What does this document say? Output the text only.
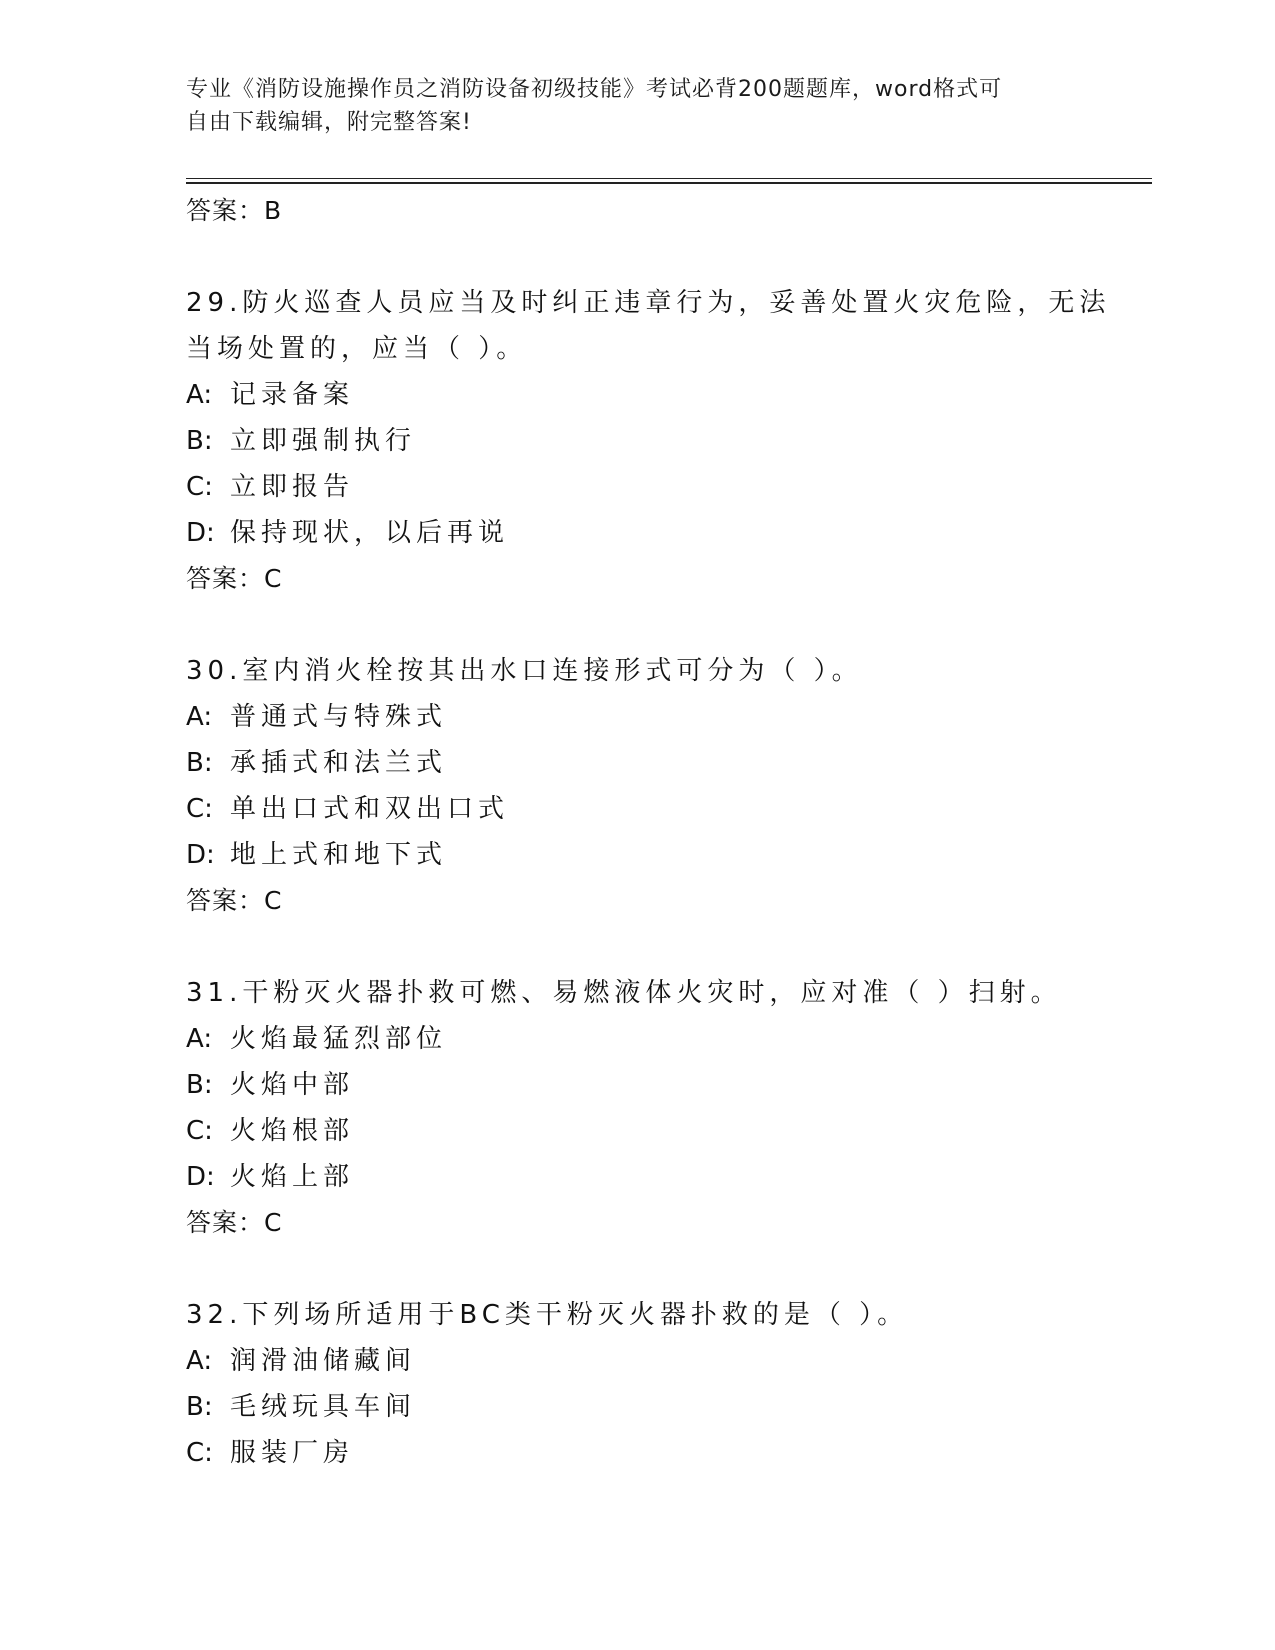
专业《消防设施操作员之消防设备初级技能》考试必背200题题库，word格式可
自由下载编辑，附完整答案!
答案：B
29.防火巡查人员应当及时纠正违章行为，妥善处置火灾危险，无法当场处置的，应当（ ）。
A: 记录备案
B: 立即强制执行
C: 立即报告
D: 保持现状，以后再说
答案：C
30.室内消火栓按其出水口连接形式可分为（ ）。
A: 普通式与特殊式
B: 承插式和法兰式
C: 单出口式和双出口式
D: 地上式和地下式
答案：C
31.干粉灭火器扑救可燃、易燃液体火灾时，应对准（ ）扫射。
A: 火焰最猛烈部位
B: 火焰中部
C: 火焰根部
D: 火焰上部
答案：C
32.下列场所适用于BC类干粉灭火器扑救的是（ ）。
A: 润滑油储藏间
B: 毛绒玩具车间
C: 服装厂房
